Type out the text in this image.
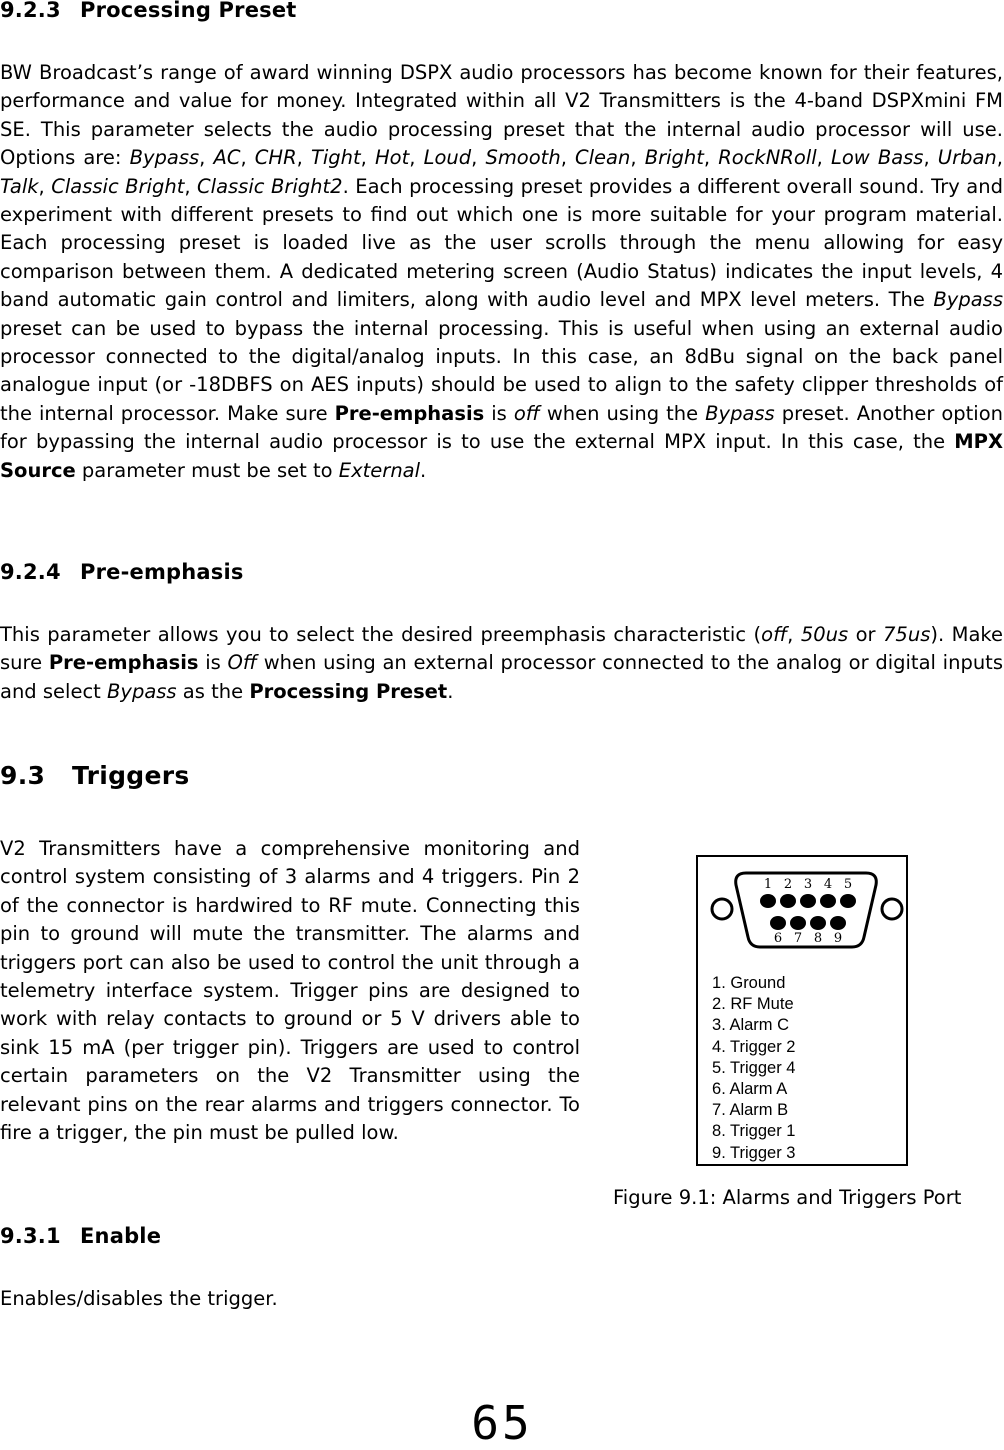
9.2.3 Processing Preset

BW Broadcast’s range of award winning DSPX audio processors has become known for their features, performance and value for money. Integrated within all V2 Transmitters is the 4-band DSPXmini FM SE. This parameter selects the audio processing preset that the internal audio processor will use. Options are: Bypass, AC, CHR, Tight, Hot, Loud, Smooth, Clean, Bright, RockNRoll, Low Bass, Urban, Talk, Classic Bright, Classic Bright2. Each processing preset provides a different overall sound. Try and experiment with different presets to find out which one is more suitable for your program material. Each processing preset is loaded live as the user scrolls through the menu allowing for easy comparison between them. A dedicated metering screen (Audio Status) indicates the input levels, 4 band automatic gain control and limiters, along with audio level and MPX level meters. The Bypass preset can be used to bypass the internal processing. This is useful when using an external audio processor connected to the digital/analog inputs. In this case, an 8dBu signal on the back panel analogue input (or -18DBFS on AES inputs) should be used to align to the safety clipper thresholds of the internal processor. Make sure Pre-emphasis is off when using the Bypass preset. Another option for bypassing the internal audio processor is to use the external MPX input. In this case, the MPX Source parameter must be set to External.

9.2.4 Pre-emphasis

This parameter allows you to select the desired preemphasis characteristic (off, 50us or 75us). Make sure Pre-emphasis is Off when using an external processor connected to the analog or digital inputs and select Bypass as the Processing Preset.

9.3 Triggers

V2 Transmitters have a comprehensive monitoring and control system consisting of 3 alarms and 4 triggers. Pin 2 of the connector is hardwired to RF mute. Connecting this pin to ground will mute the transmitter. The alarms and triggers port can also be used to control the unit through a telemetry interface system. Trigger pins are designed to work with relay contacts to ground or 5 V drivers able to sink 15 mA (per trigger pin). Triggers are used to control certain parameters on the V2 Transmitter using the relevant pins on the rear alarms and triggers connector. To fire a trigger, the pin must be pulled low.

1 2 3 4 5
6 7 8 9
1. Ground
2. RF Mute
3. Alarm C
4. Trigger 2
5. Trigger 4
6. Alarm A
7. Alarm B
8. Trigger 1
9. Trigger 3

Figure 9.1: Alarms and Triggers Port

9.3.1 Enable

Enables/disables the trigger.

65
